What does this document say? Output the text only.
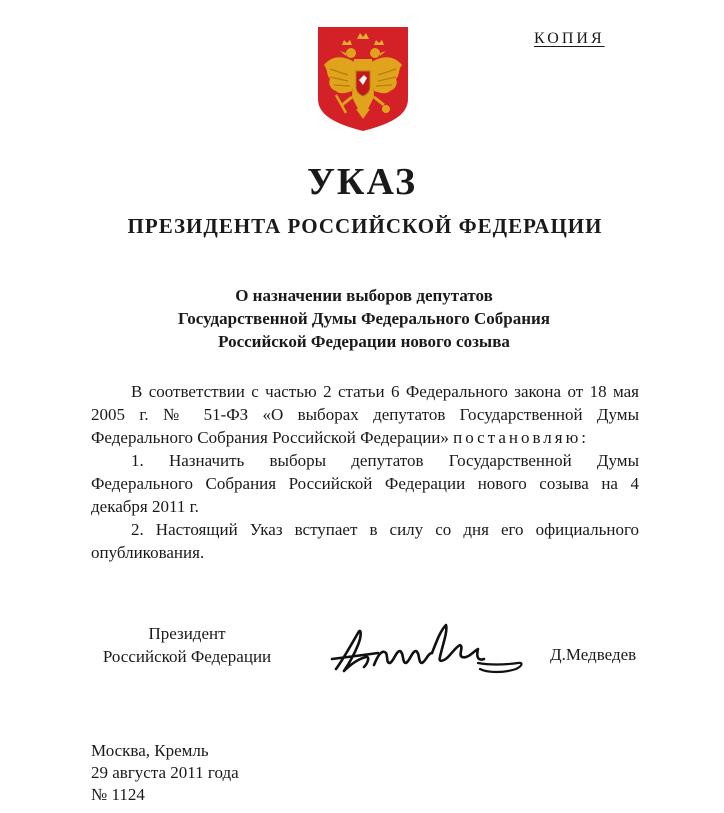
КОПИЯ
УКАЗ
ПРЕЗИДЕНТА РОССИЙСКОЙ ФЕДЕРАЦИИ
О назначении выборов депутатов
Государственной Думы Федерального Собрания
Российской Федерации нового созыва

В соответствии с частью 2 статьи 6 Федерального закона от 18 мая 2005 г. № 51-ФЗ «О выборах депутатов Государственной Думы Федерального Собрания Российской Федерации» постановляю:

1. Назначить выборы депутатов Государственной Думы Федерального Собрания Российской Федерации нового созыва на 4 декабря 2011 г.

2. Настоящий Указ вступает в силу со дня его официального опубликования.

Президент
Российской Федерации	Д.Медведев
Москва, Кремль
29 августа 2011 года
№ 1124
